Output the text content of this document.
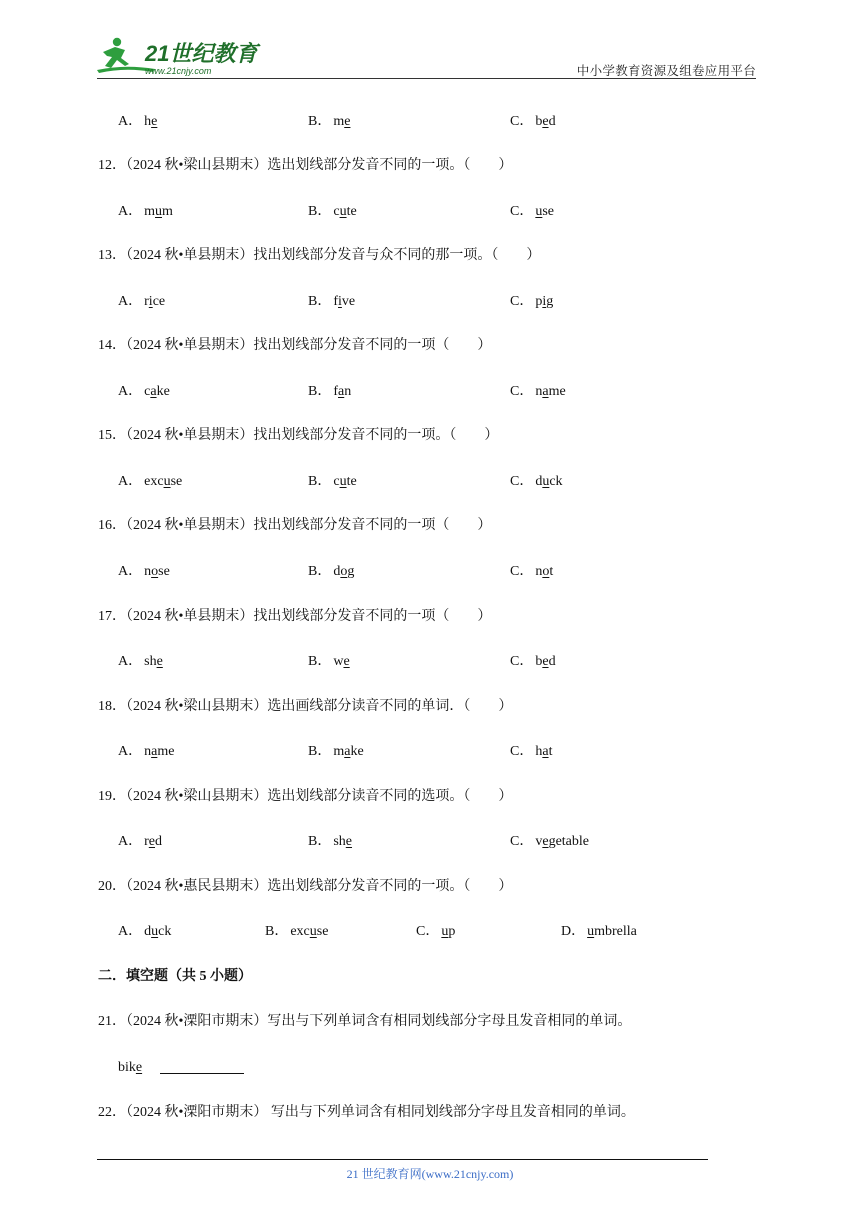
21世纪教育
www.21cnjy.com	中小学教育资源及组卷应用平台
A． he	B． me	C． bed
12．（2024 秋•梁山县期末）选出划线部分发音不同的一项。（　　）
A． mum	B． cute	C． use
13．（2024 秋•单县期末）找出划线部分发音与众不同的那一项。（　　）
A． rice	B． five	C． pig
14．（2024 秋•单县期末）找出划线部分发音不同的一项（　　）
A． cake	B． fan	C． name
15．（2024 秋•单县期末）找出划线部分发音不同的一项。（　　）
A． excuse	B． cute	C． duck
16．（2024 秋•单县期末）找出划线部分发音不同的一项（　　）
A． nose	B． dog	C． not
17．（2024 秋•单县期末）找出划线部分发音不同的一项（　　）
A． she	B． we	C． bed
18．（2024 秋•梁山县期末）选出画线部分读音不同的单词．（　　）
A． name	B． make	C． hat
19．（2024 秋•梁山县期末）选出划线部分读音不同的选项。（　　）
A． red	B． she	C． vegetable
20．（2024 秋•惠民县期末）选出划线部分发音不同的一项。（　　）
A． duck	B． excuse	C． up	D． umbrella
二．填空题（共 5 小题）
21．（2024 秋•溧阳市期末）写出与下列单词含有相同划线部分字母且发音相同的单词。
bike
22．（2024 秋•溧阳市期末） 写出与下列单词含有相同划线部分字母且发音相同的单词。
21 世纪教育网(www.21cnjy.com)
